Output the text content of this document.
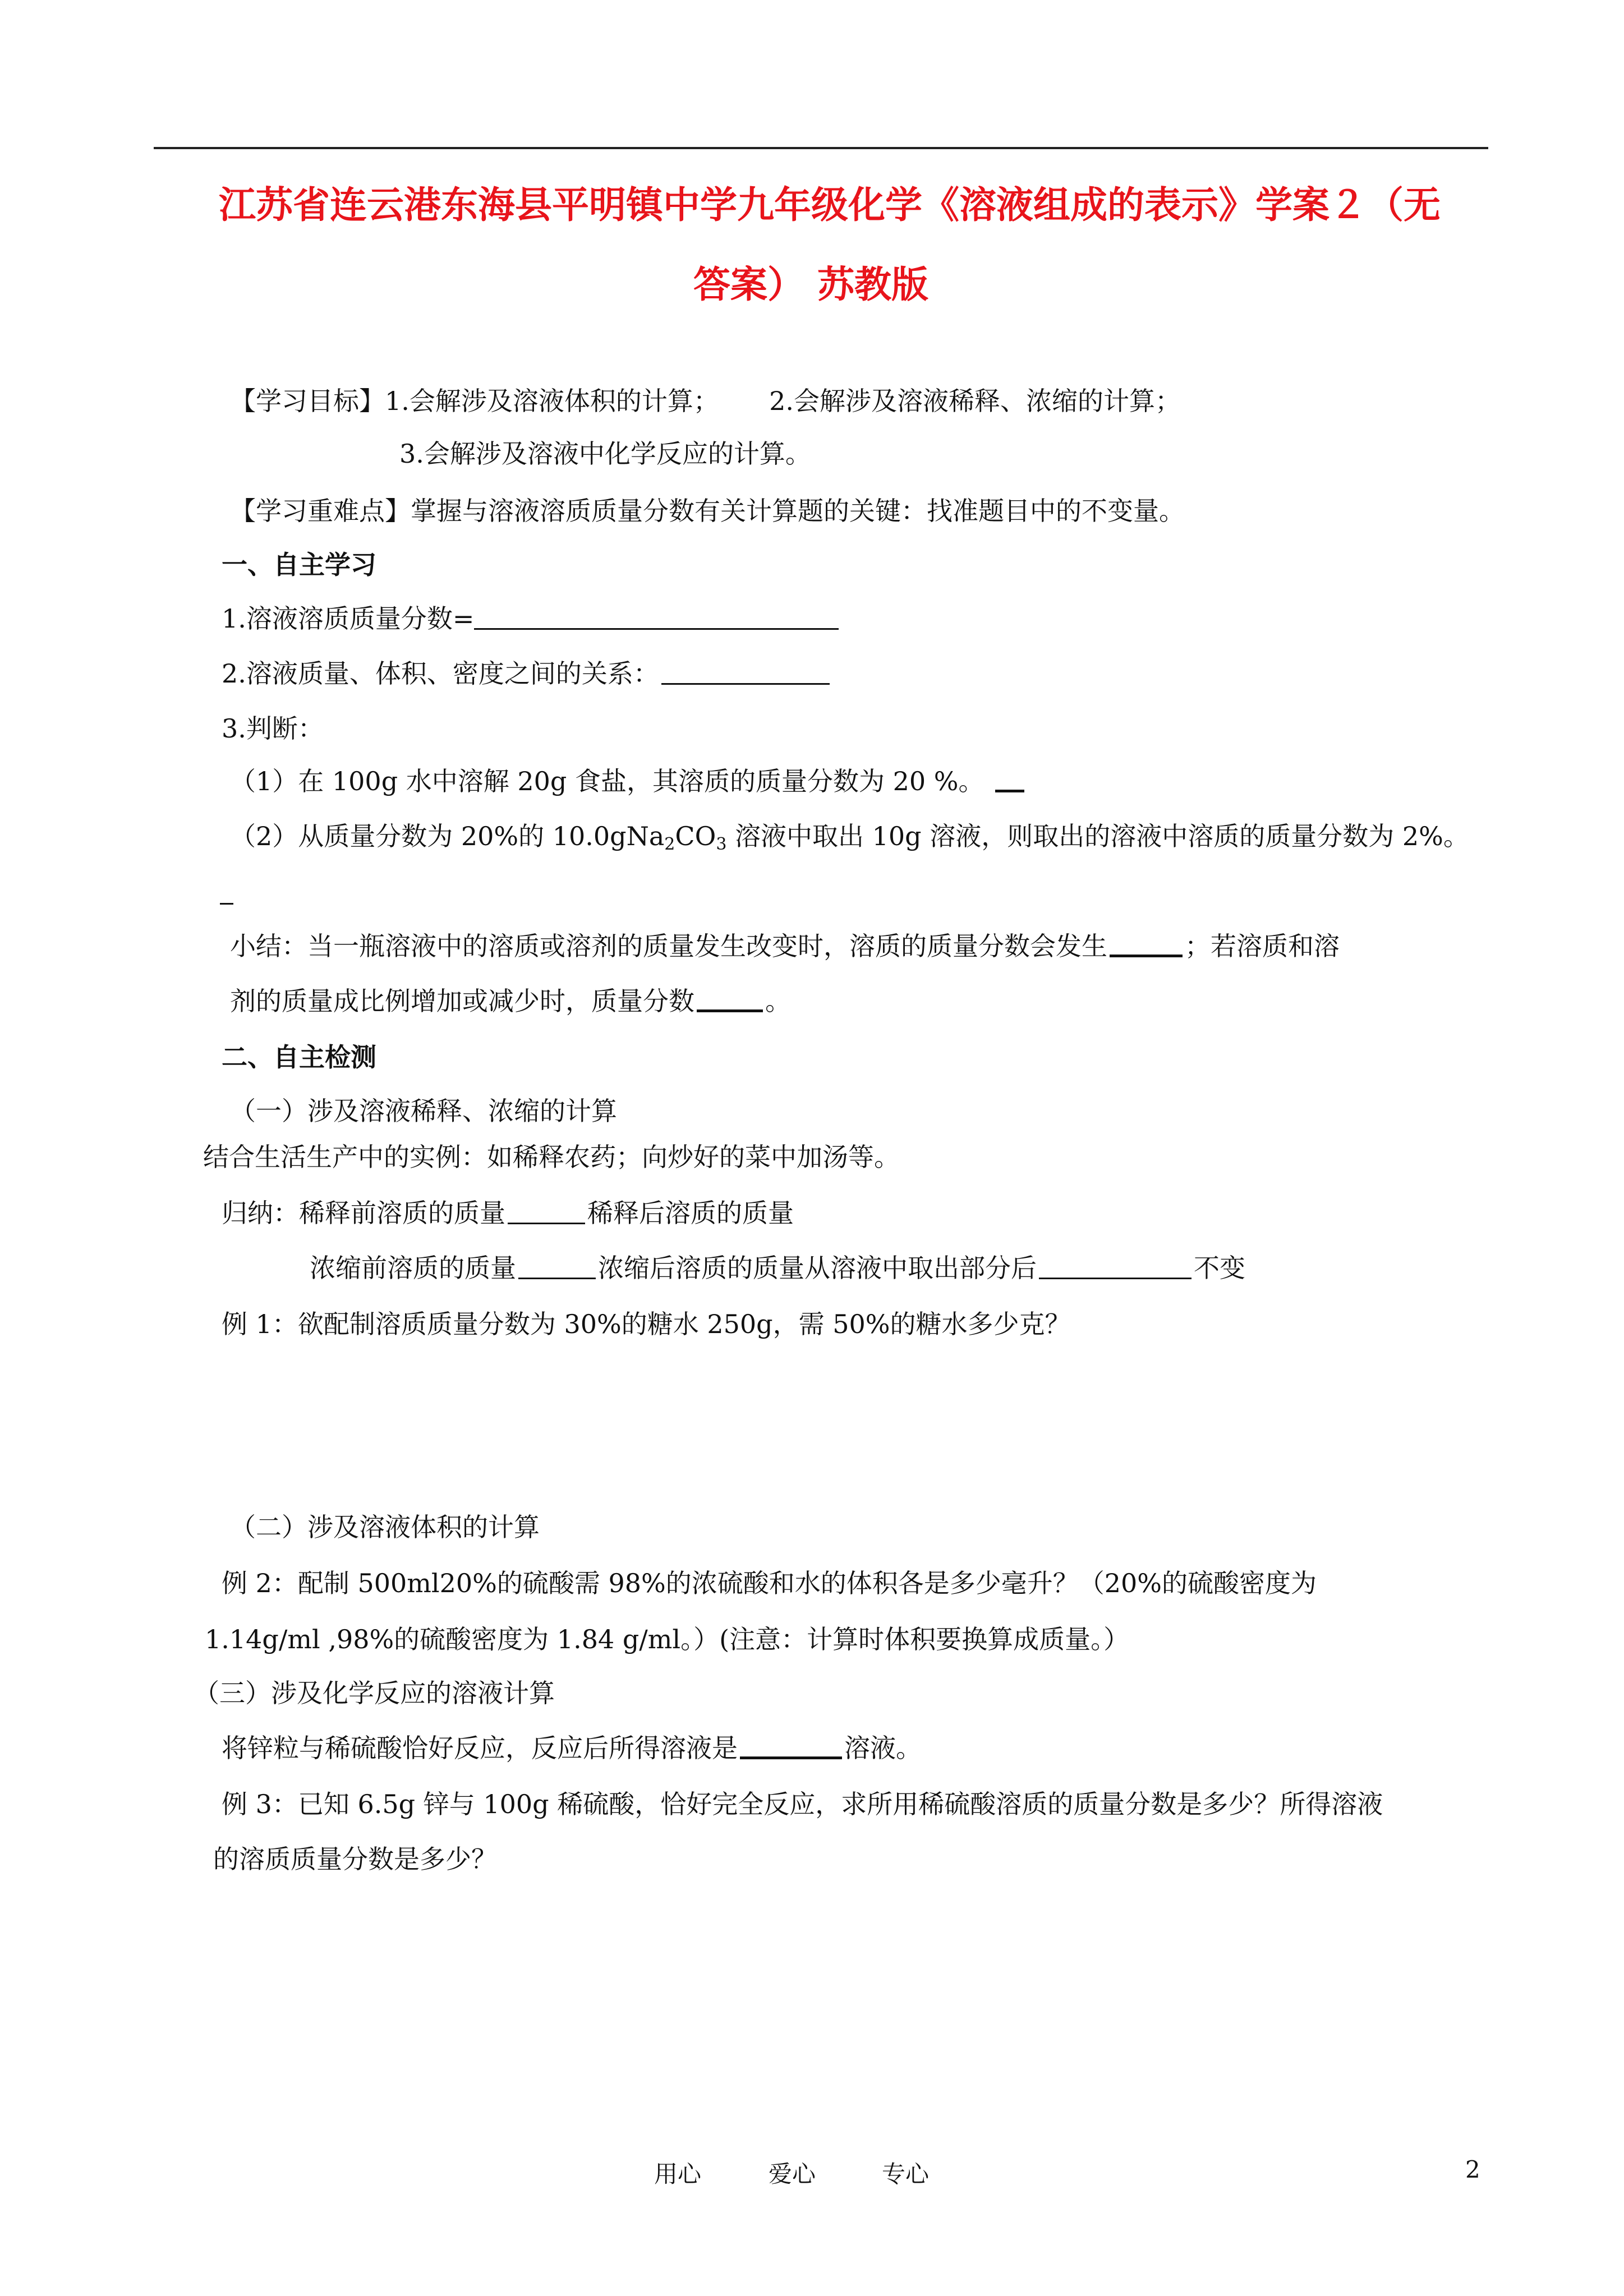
江苏省连云港东海县平明镇中学九年级化学《溶液组成的表示》学案２（无
答案） 苏教版
【学习目标】1.会解涉及溶液体积的计算； 2.会解涉及溶液稀释、浓缩的计算；
3.会解涉及溶液中化学反应的计算。
【学习重难点】掌握与溶液溶质质量分数有关计算题的关键：找准题目中的不变量。
一、自主学习
1.溶液溶质质量分数=
2.溶液质量、体积、密度之间的关系：
3.判断：
（1）在 100g 水中溶解 20g 食盐，其溶质的质量分数为 20 %。
（2）从质量分数为 20%的 $10.0gNa_2CO_3$ 溶液中取出 10g 溶液，则取出的溶液中溶质的质量分数为 2%。
小结：当一瓶溶液中的溶质或溶剂的质量发生改变时，溶质的质量分数会发生	；若溶质和溶
剂的质量成比例增加或减少时，质量分数	。
二、自主检测
（一）涉及溶液稀释、浓缩的计算
结合生活生产中的实例：如稀释农药；向炒好的菜中加汤等。
归纳：稀释前溶质的质量	稀释后溶质的质量
浓缩前溶质的质量	浓缩后溶质的质量从溶液中取出部分后	不变
例 1：欲配制溶质质量分数为 30%的糖水 250g，需 50%的糖水多少克？
（二）涉及溶液体积的计算
例 2：配制 500ml20%的硫酸需 98%的浓硫酸和水的体积各是多少毫升？（20%的硫酸密度为
1.14g/ml ,98%的硫酸密度为 1.84 g/ml。）(注意：计算时体积要换算成质量。）
（三）涉及化学反应的溶液计算
将锌粒与稀硫酸恰好反应，反应后所得溶液是	溶液。
例 3：已知 6.5g 锌与 100g 稀硫酸，恰好完全反应，求所用稀硫酸溶质的质量分数是多少？所得溶液
的溶质质量分数是多少？
用心	爱心	专心	2
